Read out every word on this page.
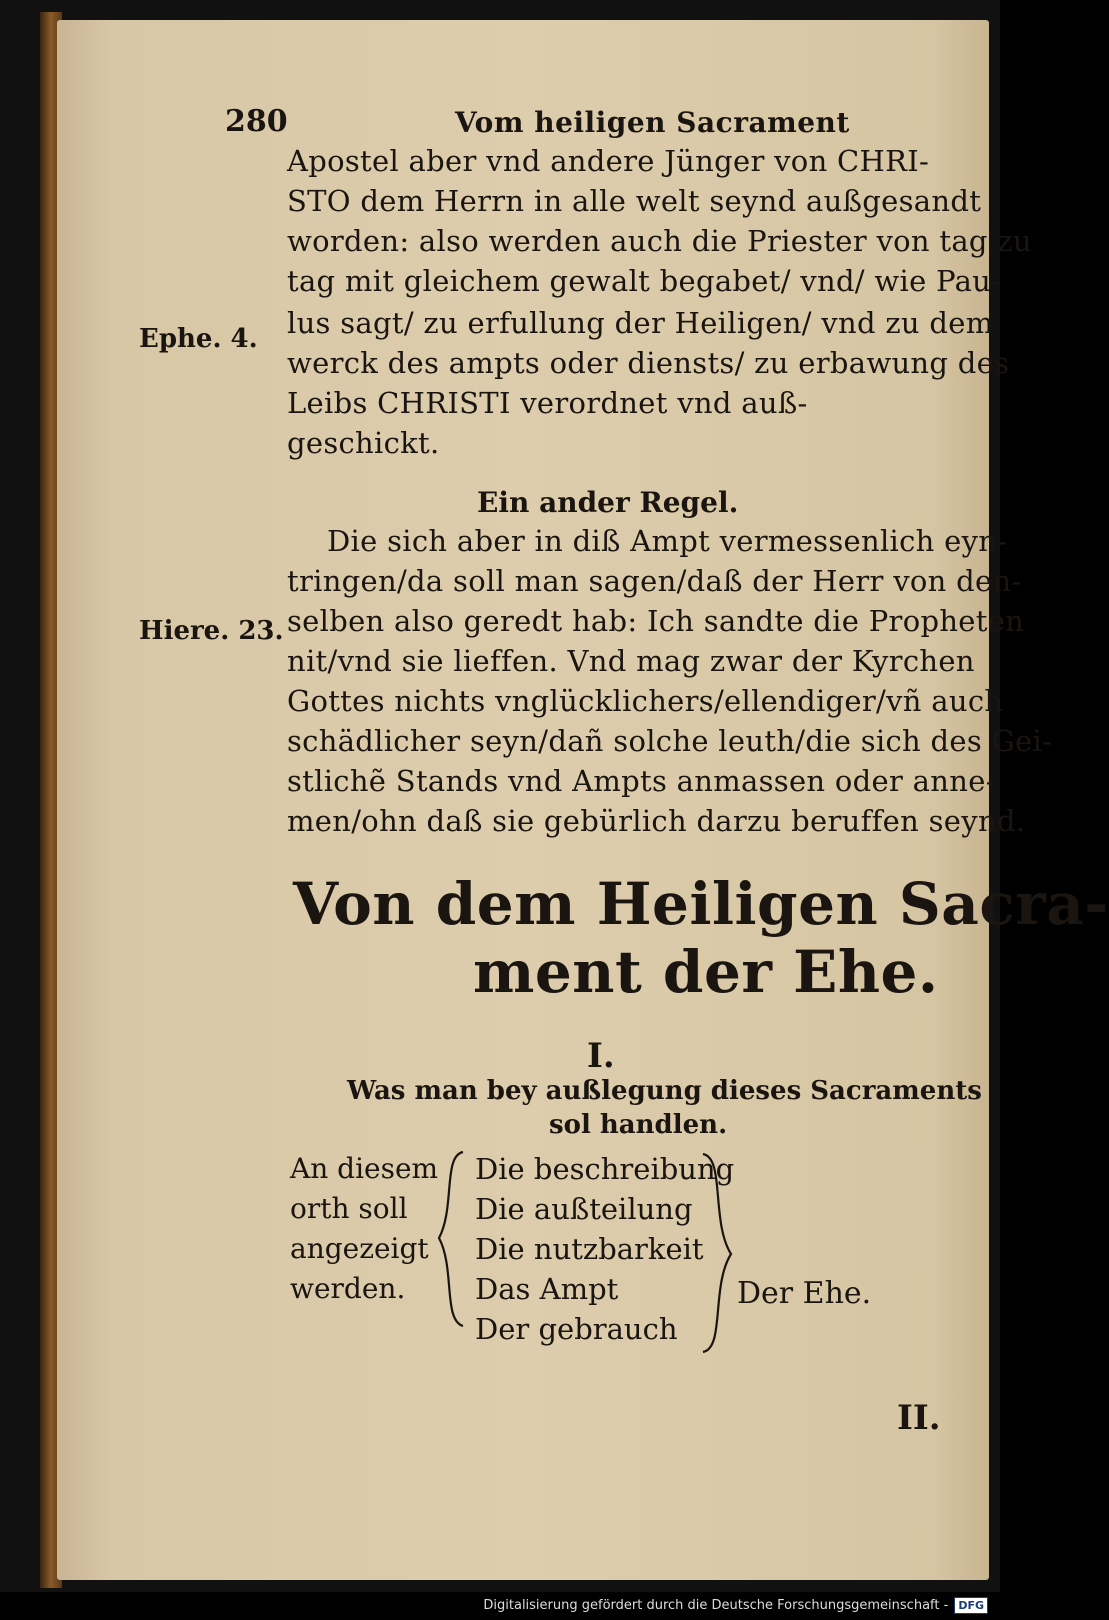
280	Vom heiligen Sacrament
Ephe. 4.
Hiere. 23.
Apostel aber vnd andere Jünger von CHRI-
STO dem Herrn in alle welt seynd außgesandt
worden: also werden auch die Priester von tag zu
tag mit gleichem gewalt begabet/ vnd/ wie Pau-
lus sagt/ zu erfullung der Heiligen/ vnd zu dem
werck des ampts oder diensts/ zu erbawung des
Leibs CHRISTI verordnet vnd auß-
geschickt.
Ein ander Regel.
Die sich aber in diß Ampt vermessenlich eyn-
tringen/da soll man sagen/daß der Herr von den-
selben also geredt hab: Ich sandte die Propheten
nit/vnd sie lieffen. Vnd mag zwar der Kyrchen
Gottes nichts vnglücklichers/ellendiger/vñ auch
schädlicher seyn/dañ solche leuth/die sich des Gei-
stlichẽ Stands vnd Ampts anmassen oder anne-
men/ohn daß sie gebürlich darzu beruffen seynd.
Von dem Heiligen Sacra-
ment der Ehe.
I.
Was man bey außlegung dieses Sacraments
sol handlen.
An diesem
orth soll
angezeigt
werden.
Die beschreibung
Die außteilung
Die nutzbarkeit
Das Ampt
Der gebrauch
Der Ehe.
II.
Digitalisierung gefördert durch die Deutsche Forschungsgemeinschaft - DFG
